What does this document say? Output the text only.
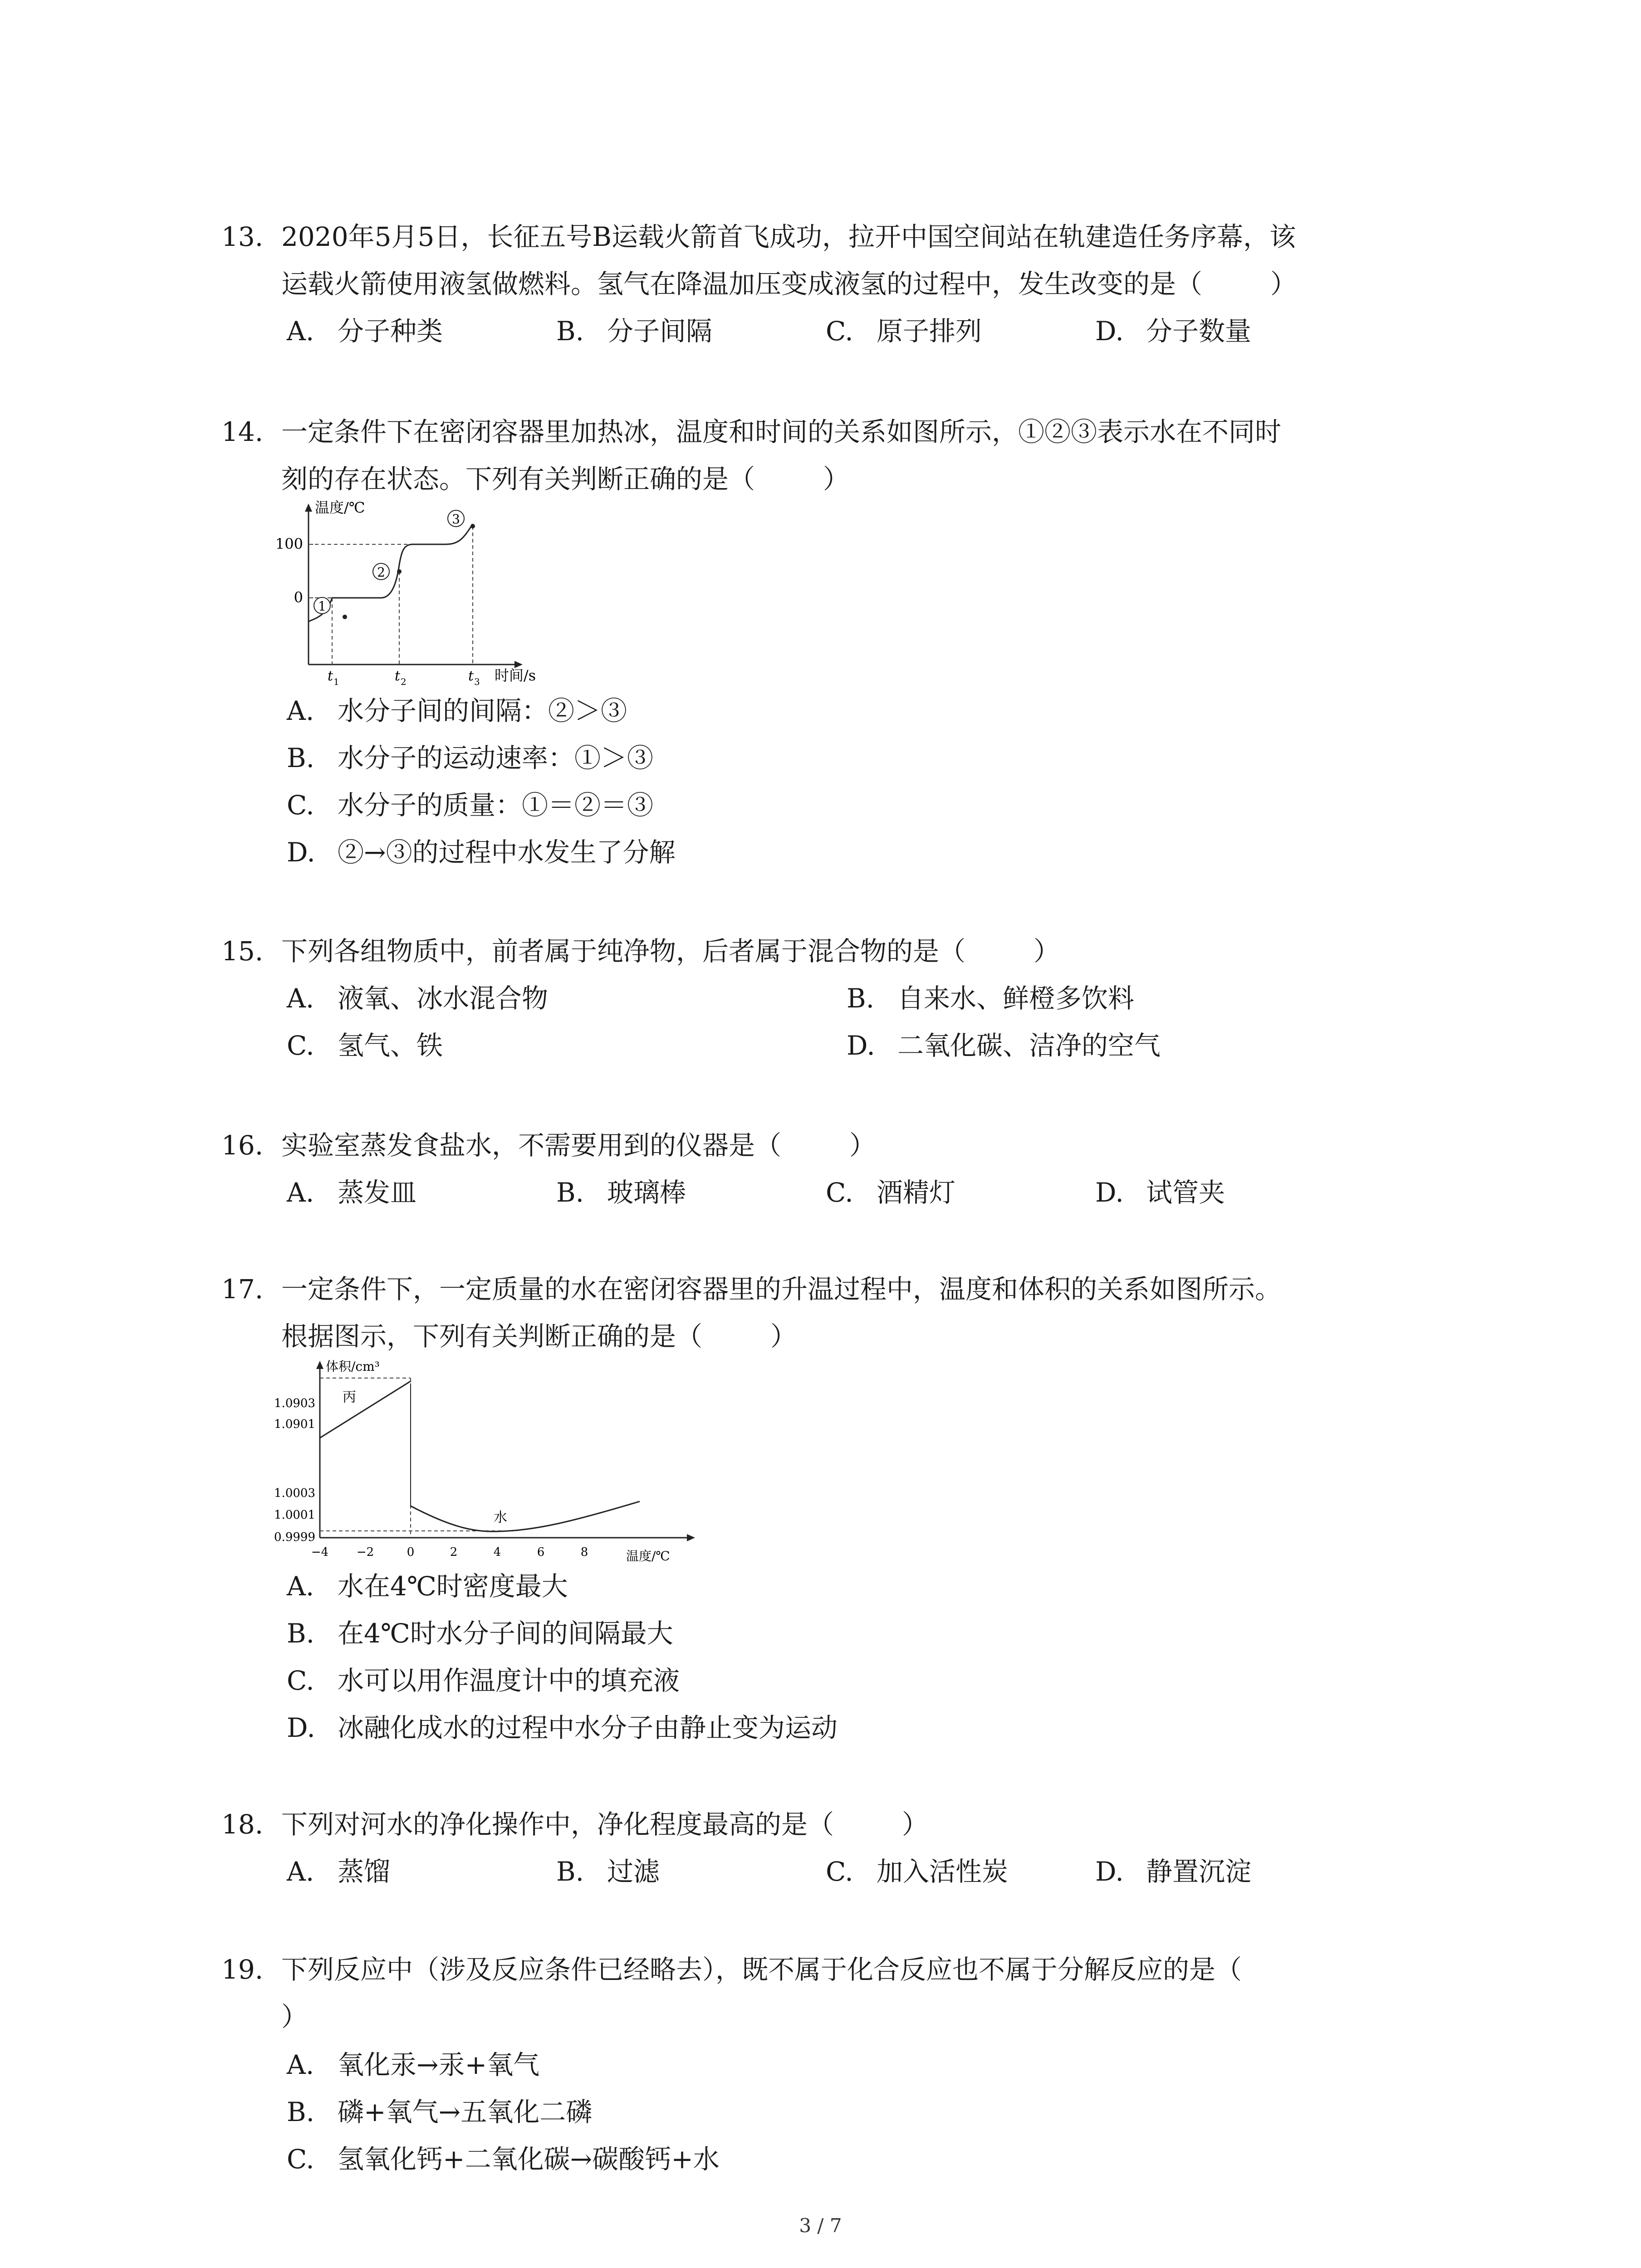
13. 2020年5月5日，长征五号B运载火箭首飞成功，拉开中国空间站在轨建造任务序幕，该
运载火箭使用液氢做燃料。氢气在降温加压变成液氢的过程中，发生改变的是（	）
A. 分子种类	B. 分子间隔	C. 原子排列	D. 分子数量
14. 一定条件下在密闭容器里加热冰，温度和时间的关系如图所示，①②③表示水在不同时
刻的存在状态。下列有关判断正确的是（	）
100
0
温度/℃
1
2
3
t 1	t 2	t 3 时间/s
A. 水分子间的间隔：②＞③
B. 水分子的运动速率：①＞③
C. 水分子的质量：①＝②＝③
D. ②→③的过程中水发生了分解
15. 下列各组物质中，前者属于纯净物，后者属于混合物的是（	）
A. 液氧、冰水混合物	B. 自来水、鲜橙多饮料
C. 氢气、铁	D. 二氧化碳、洁净的空气
16. 实验室蒸发食盐水，不需要用到的仪器是（	）
A. 蒸发皿	B. 玻璃棒	C. 酒精灯	D. 试管夹
17. 一定条件下，一定质量的水在密闭容器里的升温过程中，温度和体积的关系如图所示。
根据图示，下列有关判断正确的是（	）
体积/cm³
1.0903
1.0901
1.0003
1.0001
0.9999
丙
水
−4 −2	0	2	4	6	8	温度/℃
A. 水在4℃时密度最大
B. 在4℃时水分子间的间隔最大
C. 水可以用作温度计中的填充液
D. 冰融化成水的过程中水分子由静止变为运动
18. 下列对河水的净化操作中，净化程度最高的是（	）
A. 蒸馏	B. 过滤	C. 加入活性炭	D. 静置沉淀
19. 下列反应中（涉及反应条件已经略去），既不属于化合反应也不属于分解反应的是（
）
A. 氧化汞→汞+氧气
B. 磷+氧气→五氧化二磷
C. 氢氧化钙+二氧化碳→碳酸钙+水
3 / 7
